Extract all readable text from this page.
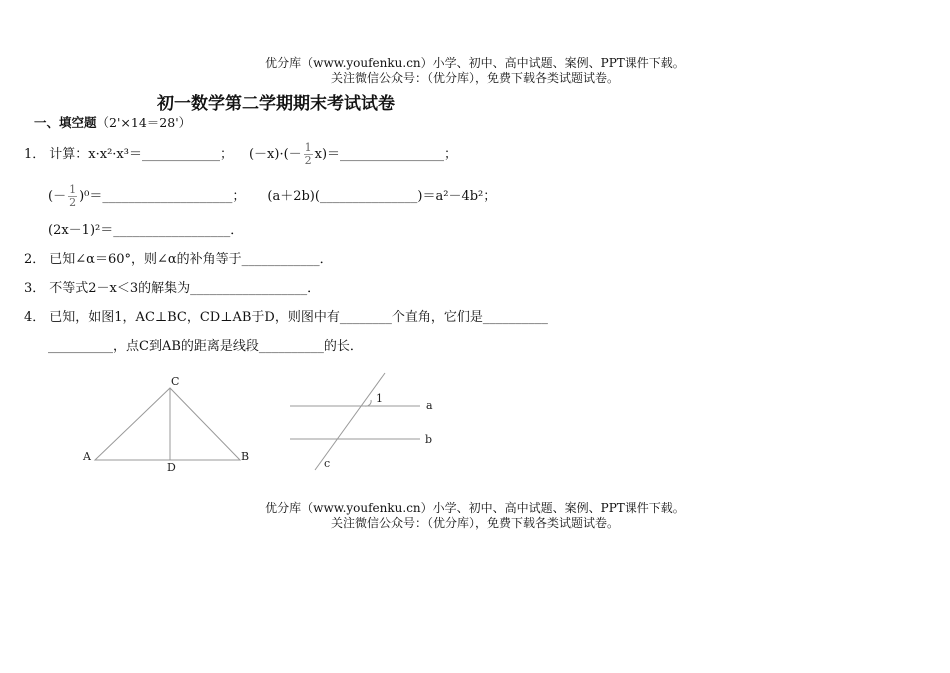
优分库（www.youfenku.cn）小学、初中、高中试题、案例、PPT课件下载。
关注微信公众号：（优分库），免费下载各类试题试卷。
初一数学第二学期期末考试试卷
一、填空题（2'×14＝28'）
1． 计算：x·x²·x³＝____________； $(-x)\cdot(- \frac{1}{2}$ x)＝________________；
(－ $\frac{1}{2}$ )⁰＝____________________； (a＋2b)(_______________)＝a²－4b²；
(2x－1)²＝__________________．
2． 已知∠α＝60°，则∠α的补角等于____________．
3． 不等式2－x＜3的解集为__________________．
4． 已知，如图1，AC⊥BC，CD⊥AB于D，则图中有________个直角，它们是__________
__________，点C到AB的距离是线段__________的长．
C
A	B
D
1
a
b
c
优分库（www.youfenku.cn）小学、初中、高中试题、案例、PPT课件下载。
关注微信公众号：（优分库），免费下载各类试题试卷。
